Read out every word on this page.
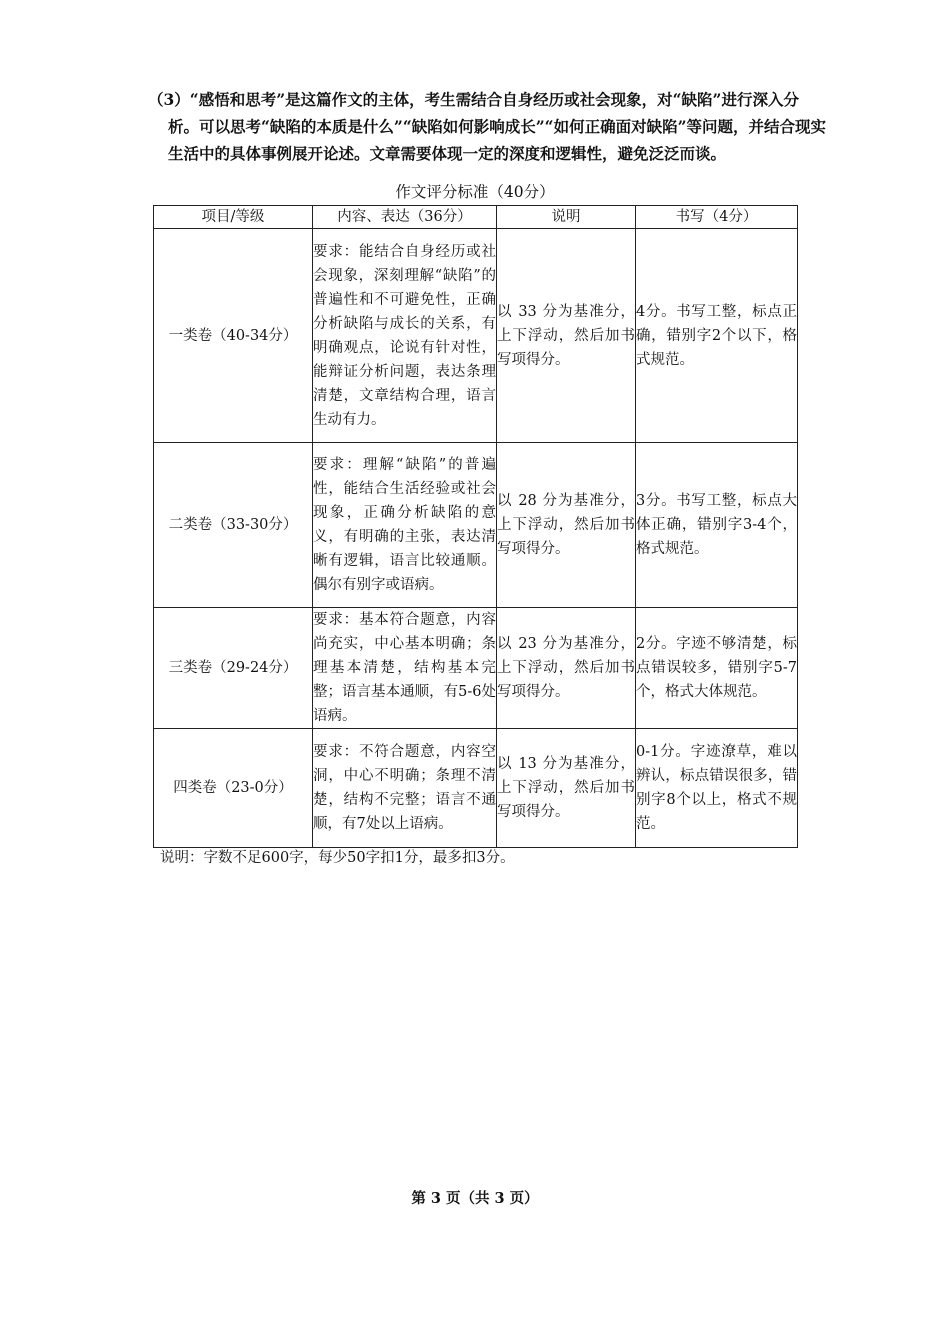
（3）“感悟和思考”是这篇作文的主体，考生需结合自身经历或社会现象，对“缺陷”进行深入分
析。可以思考“缺陷的本质是什么”“缺陷如何影响成长”“如何正确面对缺陷”等问题，并结合现实生活中的具体事例展开论述。文章需要体现一定的深度和逻辑性，避免泛泛而谈。
作文评分标准（40分）
项目/等级	内容、表达（36分）	说明	书写（4分）
一类卷（40-34分）	要求：能结合自身经历或社会现象，深刻理解“缺陷”的普遍性和不可避免性，正确分析缺陷与成长的关系，有明确观点，论说有针对性，能辩证分析问题，表达条理清楚，文章结构合理，语言生动有力。	以 33 分为基准分，上下浮动，然后加书写项得分。	4分。书写工整，标点正确，错别字2个以下，格式规范。
二类卷（33-30分）	要求：理解“缺陷”的普遍性，能结合生活经验或社会现象，正确分析缺陷的意义，有明确的主张，表达清晰有逻辑，语言比较通顺。偶尔有别字或语病。	以 28 分为基准分，上下浮动，然后加书写项得分。	3分。书写工整，标点大体正确，错别字3-4个，格式规范。
三类卷（29-24分）	要求：基本符合题意，内容尚充实，中心基本明确；条理基本清楚，结构基本完整；语言基本通顺，有5-6处语病。	以 23 分为基准分，上下浮动，然后加书写项得分。	2分。字迹不够清楚，标点错误较多，错别字5-7个，格式大体规范。
四类卷（23-0分）	要求：不符合题意，内容空洞，中心不明确；条理不清楚，结构不完整；语言不通顺，有7处以上语病。	以 13 分为基准分，上下浮动，然后加书写项得分。	0-1分。字迹潦草，难以辨认，标点错误很多，错别字8个以上，格式不规范。
说明：字数不足600字，每少50字扣1分，最多扣3分。
第 3 页（共 3 页）
